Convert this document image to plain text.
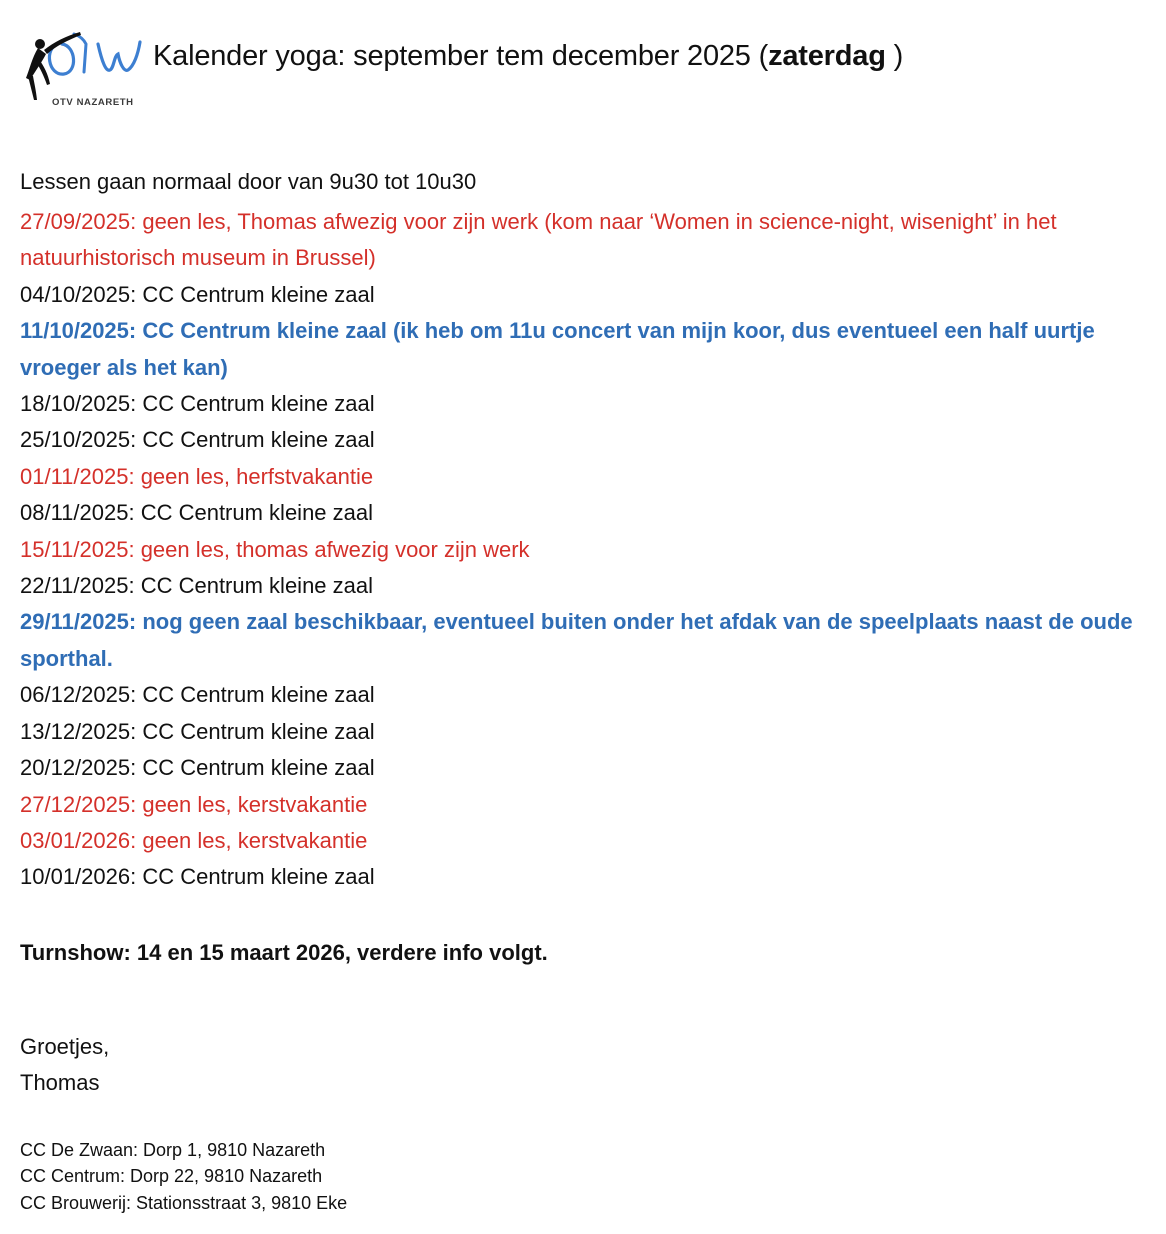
OTV NAZARETH
Kalender yoga: september tem december 2025 (zaterdag )
Lessen gaan normaal door van 9u30 tot 10u30
27/09/2025: geen les, Thomas afwezig voor zijn werk (kom naar ‘Women in science-night, wisenight’ in het natuurhistorisch museum in Brussel)
04/10/2025: CC Centrum kleine zaal
11/10/2025: CC Centrum kleine zaal (ik heb om 11u concert van mijn koor, dus eventueel een half uurtje vroeger als het kan)
18/10/2025: CC Centrum kleine zaal
25/10/2025: CC Centrum kleine zaal
01/11/2025: geen les, herfstvakantie
08/11/2025: CC Centrum kleine zaal
15/11/2025: geen les, thomas afwezig voor zijn werk
22/11/2025: CC Centrum kleine zaal
29/11/2025: nog geen zaal beschikbaar, eventueel buiten onder het afdak van de speelplaats naast de oude sporthal.
06/12/2025: CC Centrum kleine zaal
13/12/2025: CC Centrum kleine zaal
20/12/2025: CC Centrum kleine zaal
27/12/2025: geen les, kerstvakantie
03/01/2026: geen les, kerstvakantie
10/01/2026: CC Centrum kleine zaal
Turnshow: 14 en 15 maart 2026, verdere info volgt.
Groetjes,
Thomas
CC De Zwaan: Dorp 1, 9810 Nazareth
CC Centrum: Dorp 22, 9810 Nazareth
CC Brouwerij: Stationsstraat 3, 9810 Eke
